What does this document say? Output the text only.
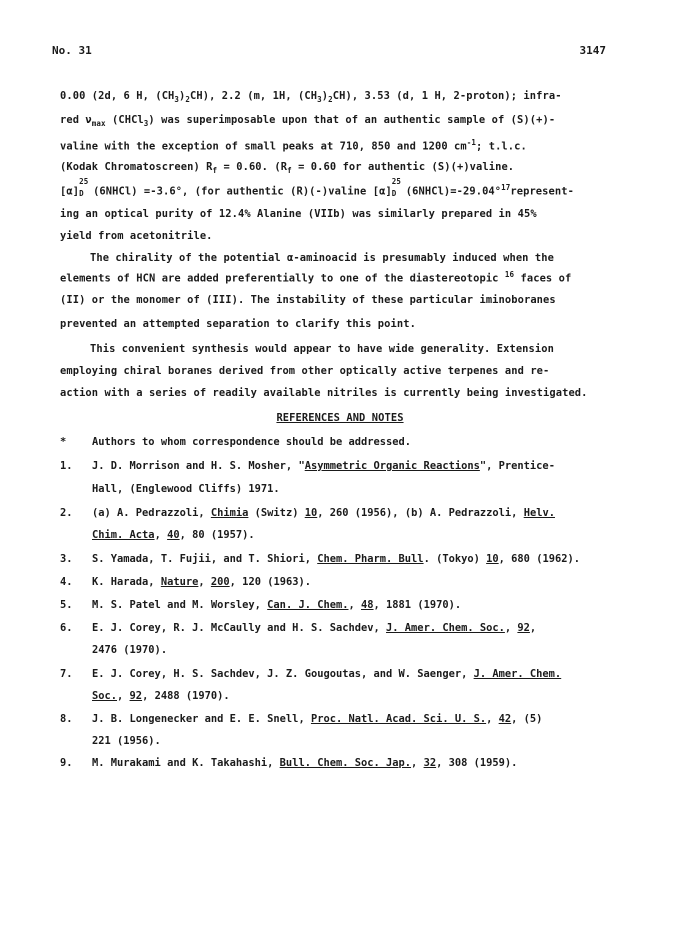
No. 31	3147
0.00 (2d, 6 H, $(CH_3)_2CH$), 2.2 (m, 1H, $(CH_3)_2CH$), 3.53 (d, 1 H, 2-proton); infra-
red $\nu_{max}$ (CHCl$_3$) was superimposable upon that of an authentic sample of (S)(+)-
valine with the exception of small peaks at 710, 850 and 1200 $cm^{-1}$; t.l.c.
(Kodak Chromatoscreen) $R_f = 0.60$. ($R_f = 0.60$ for authentic (S)(+)valine.
[α]
25
D (6NHCl) =-3.6°, (for authentic (R)(-)valine [α]
25
D (6NHCl)=-29.04°$^{17}$represent-
ing an optical purity of 12.4% Alanine (VIIb) was similarly prepared in 45%
yield from acetonitrile.
The chirality of the potential α-aminoacid is presumably induced when the
elements of HCN are added preferentially to one of the diastereotopic $^{16}$ faces of
(II) or the monomer of (III). The instability of these particular iminoboranes
prevented an attempted separation to clarify this point.
This convenient synthesis would appear to have wide generality. Extension
employing chiral boranes derived from other optically active terpenes and re-
action with a series of readily available nitriles is currently being investigated.
REFERENCES AND NOTES
* Authors to whom correspondence should be addressed.
1. J. D. Morrison and H. S. Mosher, "Asymmetric Organic Reactions", Prentice-
Hall, (Englewood Cliffs) 1971.
2. (a) A. Pedrazzoli, Chimia (Switz) 10, 260 (1956), (b) A. Pedrazzoli, Helv.
Chim. Acta, 40, 80 (1957).
3. S. Yamada, T. Fujii, and T. Shiori, Chem. Pharm. Bull. (Tokyo) 10, 680 (1962).
4. K. Harada, Nature, 200, 120 (1963).
5. M. S. Patel and M. Worsley, Can. J. Chem., 48, 1881 (1970).
6. E. J. Corey, R. J. McCaully and H. S. Sachdev, J. Amer. Chem. Soc., 92,
2476 (1970).
7. E. J. Corey, H. S. Sachdev, J. Z. Gougoutas, and W. Saenger, J. Amer. Chem.
Soc., 92, 2488 (1970).
8. J. B. Longenecker and E. E. Snell, Proc. Natl. Acad. Sci. U. S., 42, (5)
221 (1956).
9. M. Murakami and K. Takahashi, Bull. Chem. Soc. Jap., 32, 308 (1959).
